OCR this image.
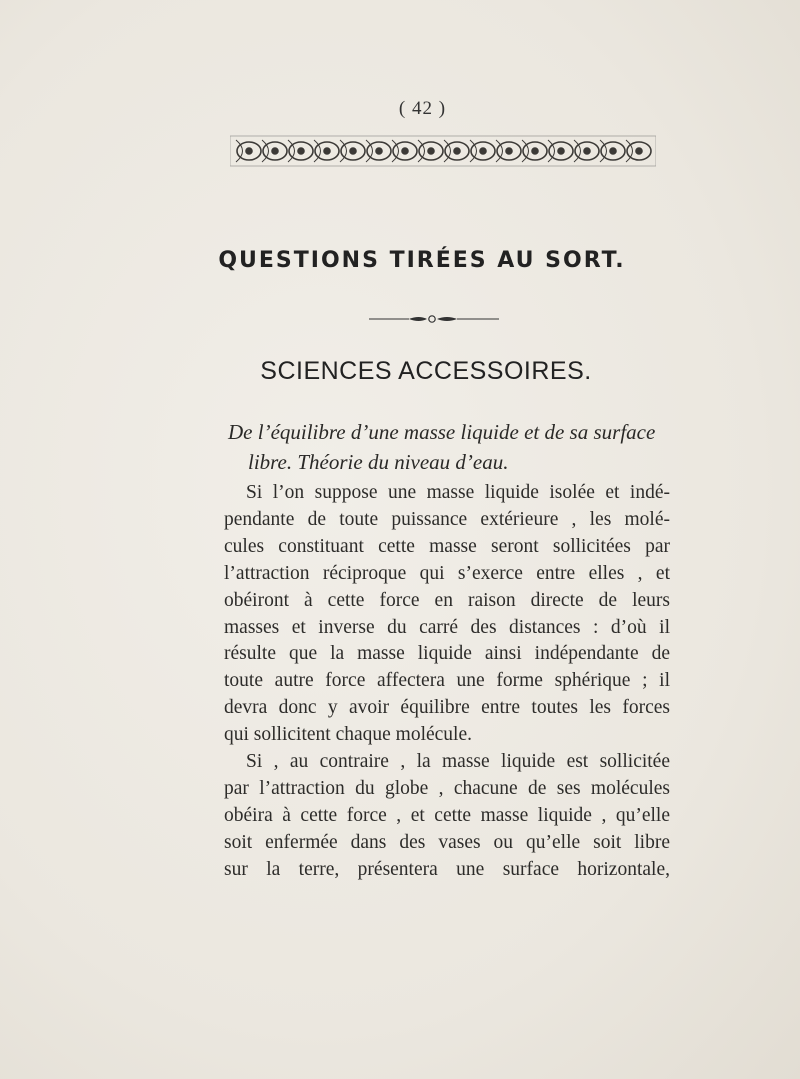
( 42 )
QUESTIONS TIRÉES AU SORT.
SCIENCES ACCESSOIRES.
De l’équilibre d’une masse liquide et de sa surface
libre. Théorie du niveau d’eau.
Si l’on suppose une masse liquide isolée et indé-
pendante de toute puissance extérieure , les molé-
cules constituant cette masse seront sollicitées par
l’attraction réciproque qui s’exerce entre elles , et
obéiront à cette force en raison directe de leurs
masses et inverse du carré des distances : d’où il
résulte que la masse liquide ainsi indépendante de
toute autre force affectera une forme sphérique ; il
devra donc y avoir équilibre entre toutes les forces
qui sollicitent chaque molécule.
Si , au contraire , la masse liquide est sollicitée
par l’attraction du globe , chacune de ses molécules
obéira à cette force , et cette masse liquide , qu’elle
soit enfermée dans des vases ou qu’elle soit libre
sur la terre, présentera une surface horizontale,
